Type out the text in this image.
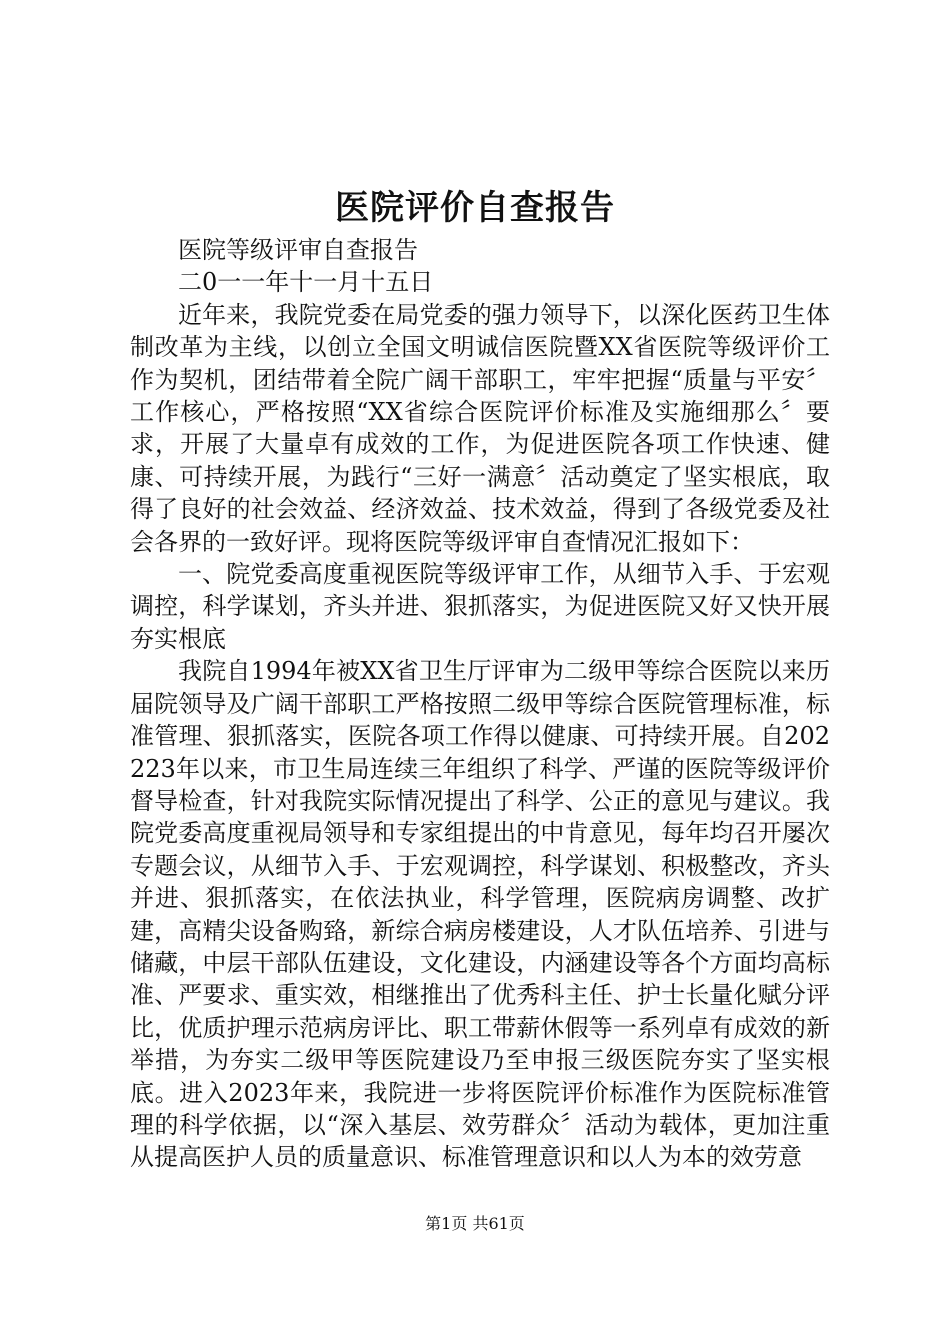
医院评价自查报告

医院等级评审自查报告

二0一一年十一月十五日

近年来，我院党委在局党委的强力领导下，以深化医药卫生体制改革为主线，以创立全国文明诚信医院暨XX省医院等级评价工作为契机，团结带着全院广阔干部职工，牢牢把握“质量与平安〞工作核心，严格按照“XX省综合医院评价标准及实施细那么〞要求，开展了大量卓有成效的工作，为促进医院各项工作快速、健康、可持续开展，为践行“三好一满意〞活动奠定了坚实根底，取得了良好的社会效益、经济效益、技术效益，得到了各级党委及社会各界的一致好评。现将医院等级评审自查情况汇报如下：

一、院党委高度重视医院等级评审工作，从细节入手、于宏观调控，科学谋划，齐头并进、狠抓落实，为促进医院又好又快开展夯实根底

我院自1994年被XX省卫生厅评审为二级甲等综合医院以来历届院领导及广阔干部职工严格按照二级甲等综合医院管理标准，标准管理、狠抓落实，医院各项工作得以健康、可持续开展。自202223年以来，市卫生局连续三年组织了科学、严谨的医院等级评价督导检查，针对我院实际情况提出了科学、公正的意见与建议。我院党委高度重视局领导和专家组提出的中肯意见，每年均召开屡次专题会议，从细节入手、于宏观调控，科学谋划、积极整改，齐头并进、狠抓落实，在依法执业，科学管理，医院病房调整、改扩建，高精尖设备购臵，新综合病房楼建设，人才队伍培养、引进与储藏，中层干部队伍建设，文化建设，内涵建设等各个方面均高标准、严要求、重实效，相继推出了优秀科主任、护士长量化赋分评比，优质护理示范病房评比、职工带薪休假等一系列卓有成效的新举措，为夯实二级甲等医院建设乃至申报三级医院夯实了坚实根底。进入2023年来，我院进一步将医院评价标准作为医院标准管理的科学依据，以“深入基层、效劳群众〞活动为载体，更加注重从提高医护人员的质量意识、标准管理意识和以人为本的效劳意

第1页 共61页
